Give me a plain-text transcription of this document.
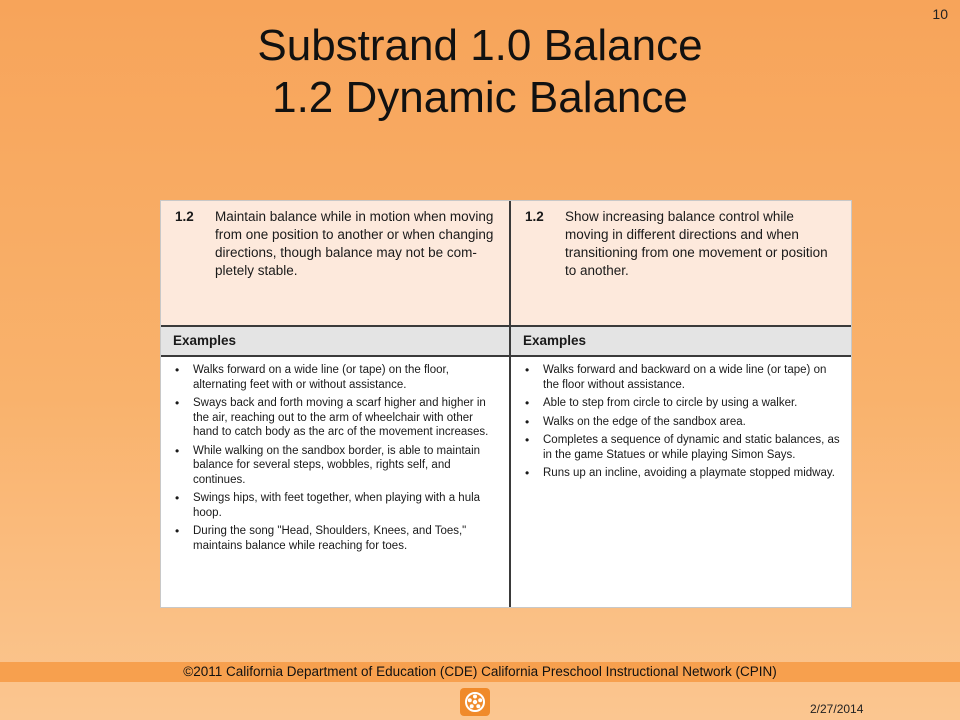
10
Substrand 1.0 Balance
1.2 Dynamic Balance
1.2	Maintain balance while in motion when moving from one position to another or when changing directions, though balance may not be com-pletely stable.
Examples
• Walks forward on a wide line (or tape) on the floor, alternating feet with or without assistance.
• Sways back and forth moving a scarf higher and higher in the air, reaching out to the arm of wheelchair with other hand to catch body as the arc of the movement increases.
• While walking on the sandbox border, is able to maintain balance for several steps, wobbles, rights self, and continues.
• Swings hips, with feet together, when playing with a hula hoop.
• During the song "Head, Shoulders, Knees, and Toes," maintains balance while reaching for toes.
1.2	Show increasing balance control while moving in different directions and when transitioning from one movement or position to another.
Examples
• Walks forward and backward on a wide line (or tape) on the floor without assistance.
• Able to step from circle to circle by using a walker.
• Walks on the edge of the sandbox area.
• Completes a sequence of dynamic and static balances, as in the game Statues or while playing Simon Says.
• Runs up an incline, avoiding a playmate stopped midway.
©2011 California Department of Education (CDE) California Preschool Instructional Network (CPIN)
2/27/2014
